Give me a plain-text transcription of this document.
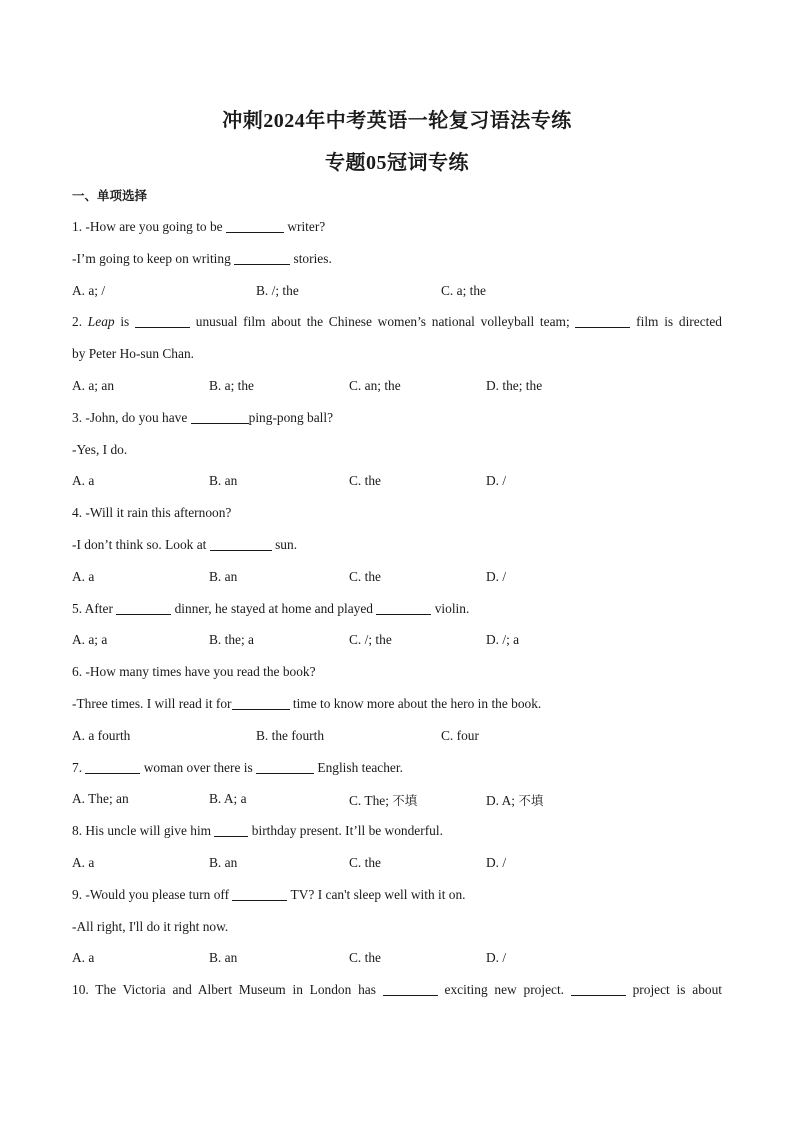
冲刺2024年中考英语一轮复习语法专练
专题05冠词专练
一、单项选择
1. -How are you going to be	writer?
-I’m going to keep on writing	stories.
A. a; /	B. /; the	C. a; the
2. Leap is	unusual film about the Chinese women’s national volleyball team;	film is directed
by Peter Ho-sun Chan.
A. a; an	B. a; the	C. an; the	D. the; the
3. -John, do you have	ping-pong ball?
-Yes, I do.
A. a	B. an	C. the	D. /
4. -Will it rain this afternoon?
-I don’t think so. Look at	sun.
A. a	B. an	C. the	D. /
5. After	dinner, he stayed at home and played	violin.
A. a; a	B. the; a	C. /; the	D. /; a
6. -How many times have you read the book?
-Three times. I will read it for	time to know more about the hero in the book.
A. a fourth	B. the fourth	C. four
7.	woman over there is	English teacher.
A. The; an	B. A; a	C. The; 不填	D. A; 不填
8. His uncle will give him	birthday present. It’ll be wonderful.
A. a	B. an	C. the	D. /
9. -Would you please turn off	TV? I can't sleep well with it on.
-All right, I'll do it right now.
A. a	B. an	C. the	D. /
10. The Victoria and Albert Museum in London has	exciting new project.	project is about
